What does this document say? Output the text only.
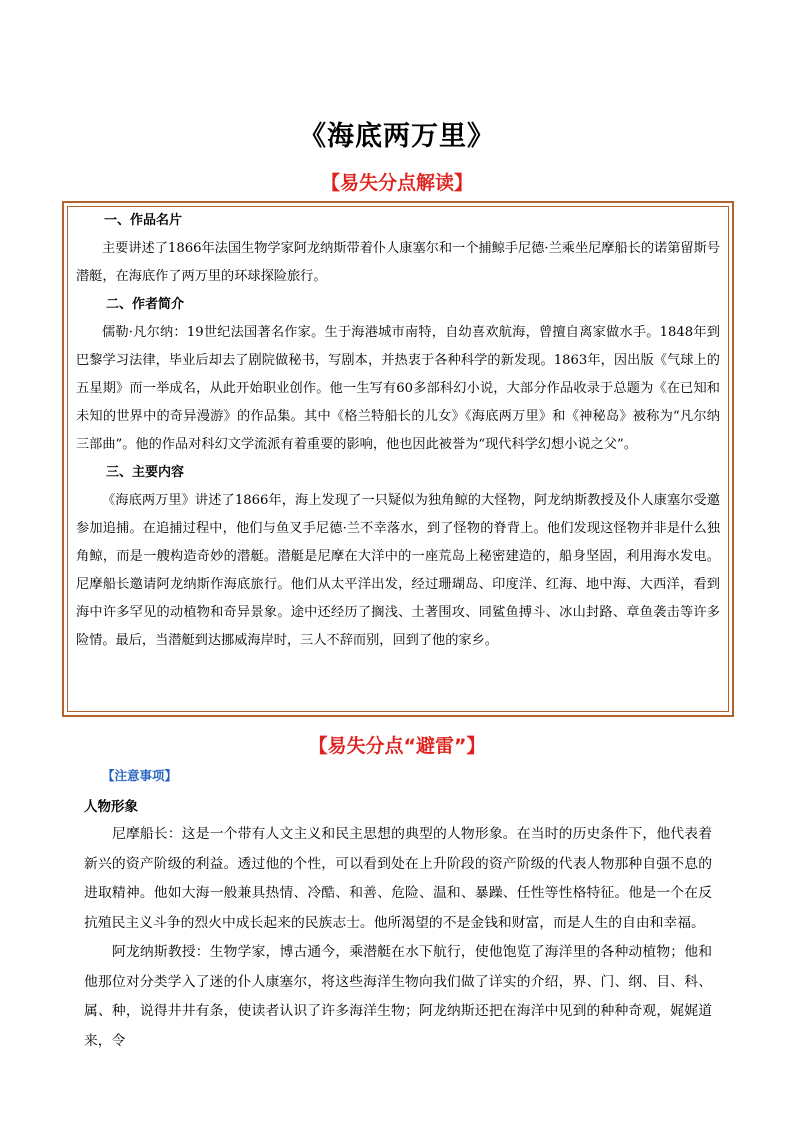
《海底两万里》
【易失分点解读】

一、作品名片

主要讲述了1866年法国生物学家阿龙纳斯带着仆人康塞尔和一个捕鲸手尼德·兰乘坐尼摩船长的诺第留斯号潜艇，在海底作了两万里的环球探险旅行。

二、作者简介

儒勒·凡尔纳：19世纪法国著名作家。生于海港城市南特，自幼喜欢航海，曾擅自离家做水手。1848年到巴黎学习法律，毕业后却去了剧院做秘书，写剧本，并热衷于各种科学的新发现。1863年，因出版《气球上的五星期》而一举成名，从此开始职业创作。他一生写有60多部科幻小说，大部分作品收录于总题为《在已知和未知的世界中的奇异漫游》的作品集。其中《格兰特船长的儿女》《海底两万里》和《神秘岛》被称为“凡尔纳三部曲”。他的作品对科幻文学流派有着重要的影响，他也因此被誉为“现代科学幻想小说之父”。

三、主要内容

《海底两万里》讲述了1866年，海上发现了一只疑似为独角鲸的大怪物，阿龙纳斯教授及仆人康塞尔受邀参加追捕。在追捕过程中，他们与鱼叉手尼德·兰不幸落水，到了怪物的脊背上。他们发现这怪物并非是什么独角鲸，而是一艘构造奇妙的潜艇。潜艇是尼摩在大洋中的一座荒岛上秘密建造的，船身坚固，利用海水发电。尼摩船长邀请阿龙纳斯作海底旅行。他们从太平洋出发，经过珊瑚岛、印度洋、红海、地中海、大西洋，看到海中许多罕见的动植物和奇异景象。途中还经历了搁浅、土著围攻、同鲨鱼搏斗、冰山封路、章鱼袭击等许多险情。最后，当潜艇到达挪威海岸时，三人不辞而别，回到了他的家乡。

【易失分点“避雷”】
【注意事项】
人物形象

尼摩船长：这是一个带有人文主义和民主思想的典型的人物形象。在当时的历史条件下，他代表着新兴的资产阶级的利益。透过他的个性，可以看到处在上升阶段的资产阶级的代表人物那种自强不息的进取精神。他如大海一般兼具热情、冷酷、和善、危险、温和、暴躁、任性等性格特征。他是一个在反抗殖民主义斗争的烈火中成长起来的民族志士。他所渴望的不是金钱和财富，而是人生的自由和幸福。

阿龙纳斯教授：生物学家，博古通今，乘潜艇在水下航行，使他饱览了海洋里的各种动植物；他和他那位对分类学入了迷的仆人康塞尔，将这些海洋生物向我们做了详实的介绍，界、门、纲、目、科、属、种，说得井井有条，使读者认识了许多海洋生物；阿龙纳斯还把在海洋中见到的种种奇观，娓娓道来，令
